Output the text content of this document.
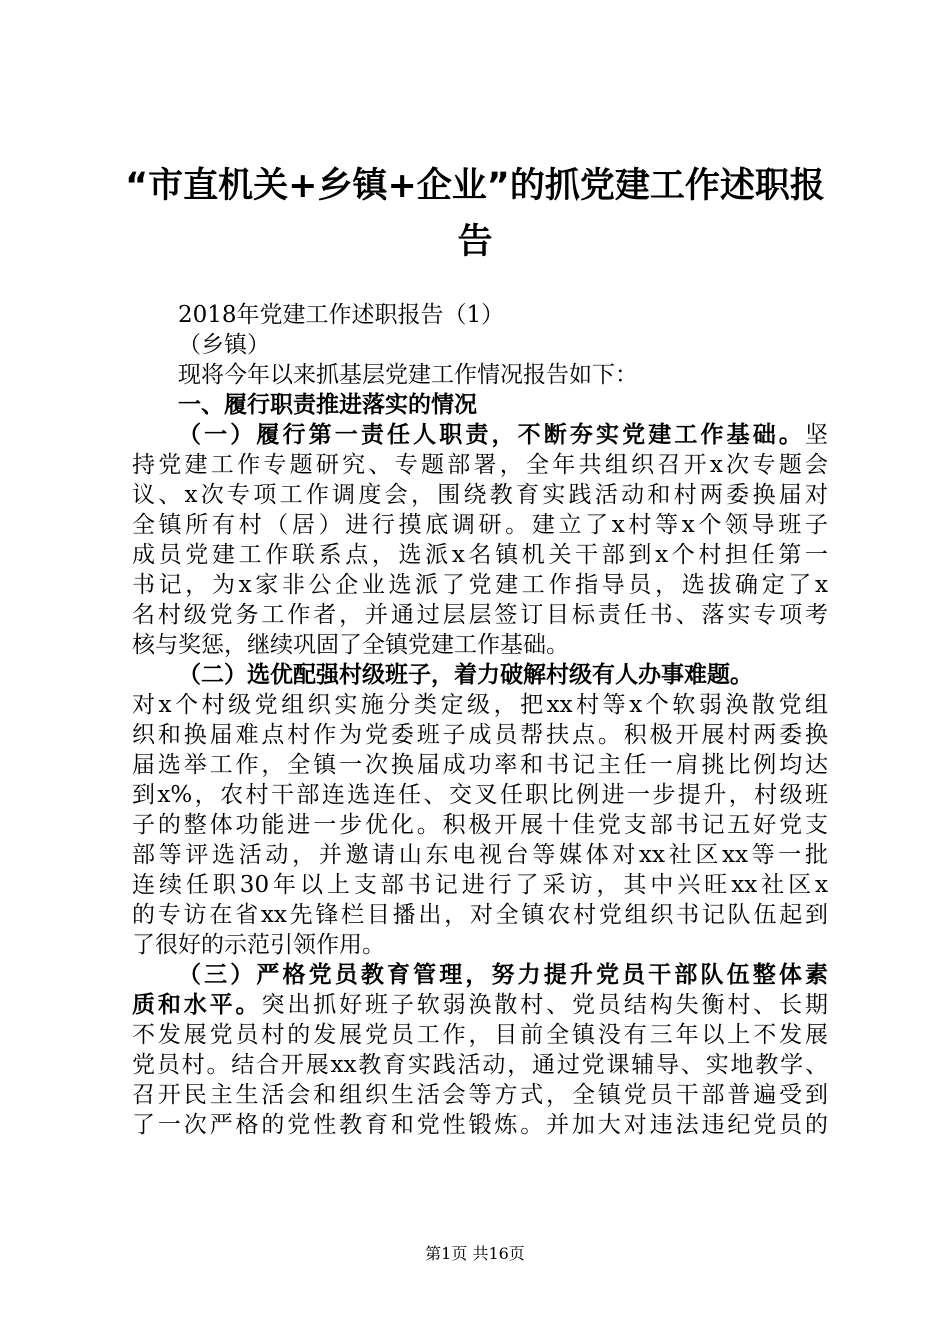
“市直机关+乡镇+企业”的抓党建工作述职报
告
2018年党建工作述职报告（1）
（乡镇）
现将今年以来抓基层党建工作情况报告如下：
一、履行职责推进落实的情况
（一）履行第一责任人职责，不断夯实党建工作基础。坚
持党建工作专题研究、专题部署，全年共组织召开x次专题会
议、x次专项工作调度会，围绕教育实践活动和村两委换届对
全镇所有村（居）进行摸底调研。建立了x村等x个领导班子
成员党建工作联系点，选派x名镇机关干部到x个村担任第一
书记，为x家非公企业选派了党建工作指导员，选拔确定了x
名村级党务工作者，并通过层层签订目标责任书、落实专项考
核与奖惩，继续巩固了全镇党建工作基础。
（二）选优配强村级班子，着力破解村级有人办事难题。
对x个村级党组织实施分类定级，把xx村等x个软弱涣散党组
织和换届难点村作为党委班子成员帮扶点。积极开展村两委换
届选举工作，全镇一次换届成功率和书记主任一肩挑比例均达
到x%，农村干部连选连任、交叉任职比例进一步提升，村级班
子的整体功能进一步优化。积极开展十佳党支部书记五好党支
部等评选活动，并邀请山东电视台等媒体对xx社区xx等一批
连续任职30年以上支部书记进行了采访，其中兴旺xx社区x
的专访在省xx先锋栏目播出，对全镇农村党组织书记队伍起到
了很好的示范引领作用。
（三）严格党员教育管理，努力提升党员干部队伍整体素
质和水平。突出抓好班子软弱涣散村、党员结构失衡村、长期
不发展党员村的发展党员工作，目前全镇没有三年以上不发展
党员村。结合开展xx教育实践活动，通过党课辅导、实地教学、
召开民主生活会和组织生活会等方式，全镇党员干部普遍受到
了一次严格的党性教育和党性锻炼。并加大对违法违纪党员的
第1页 共16页
